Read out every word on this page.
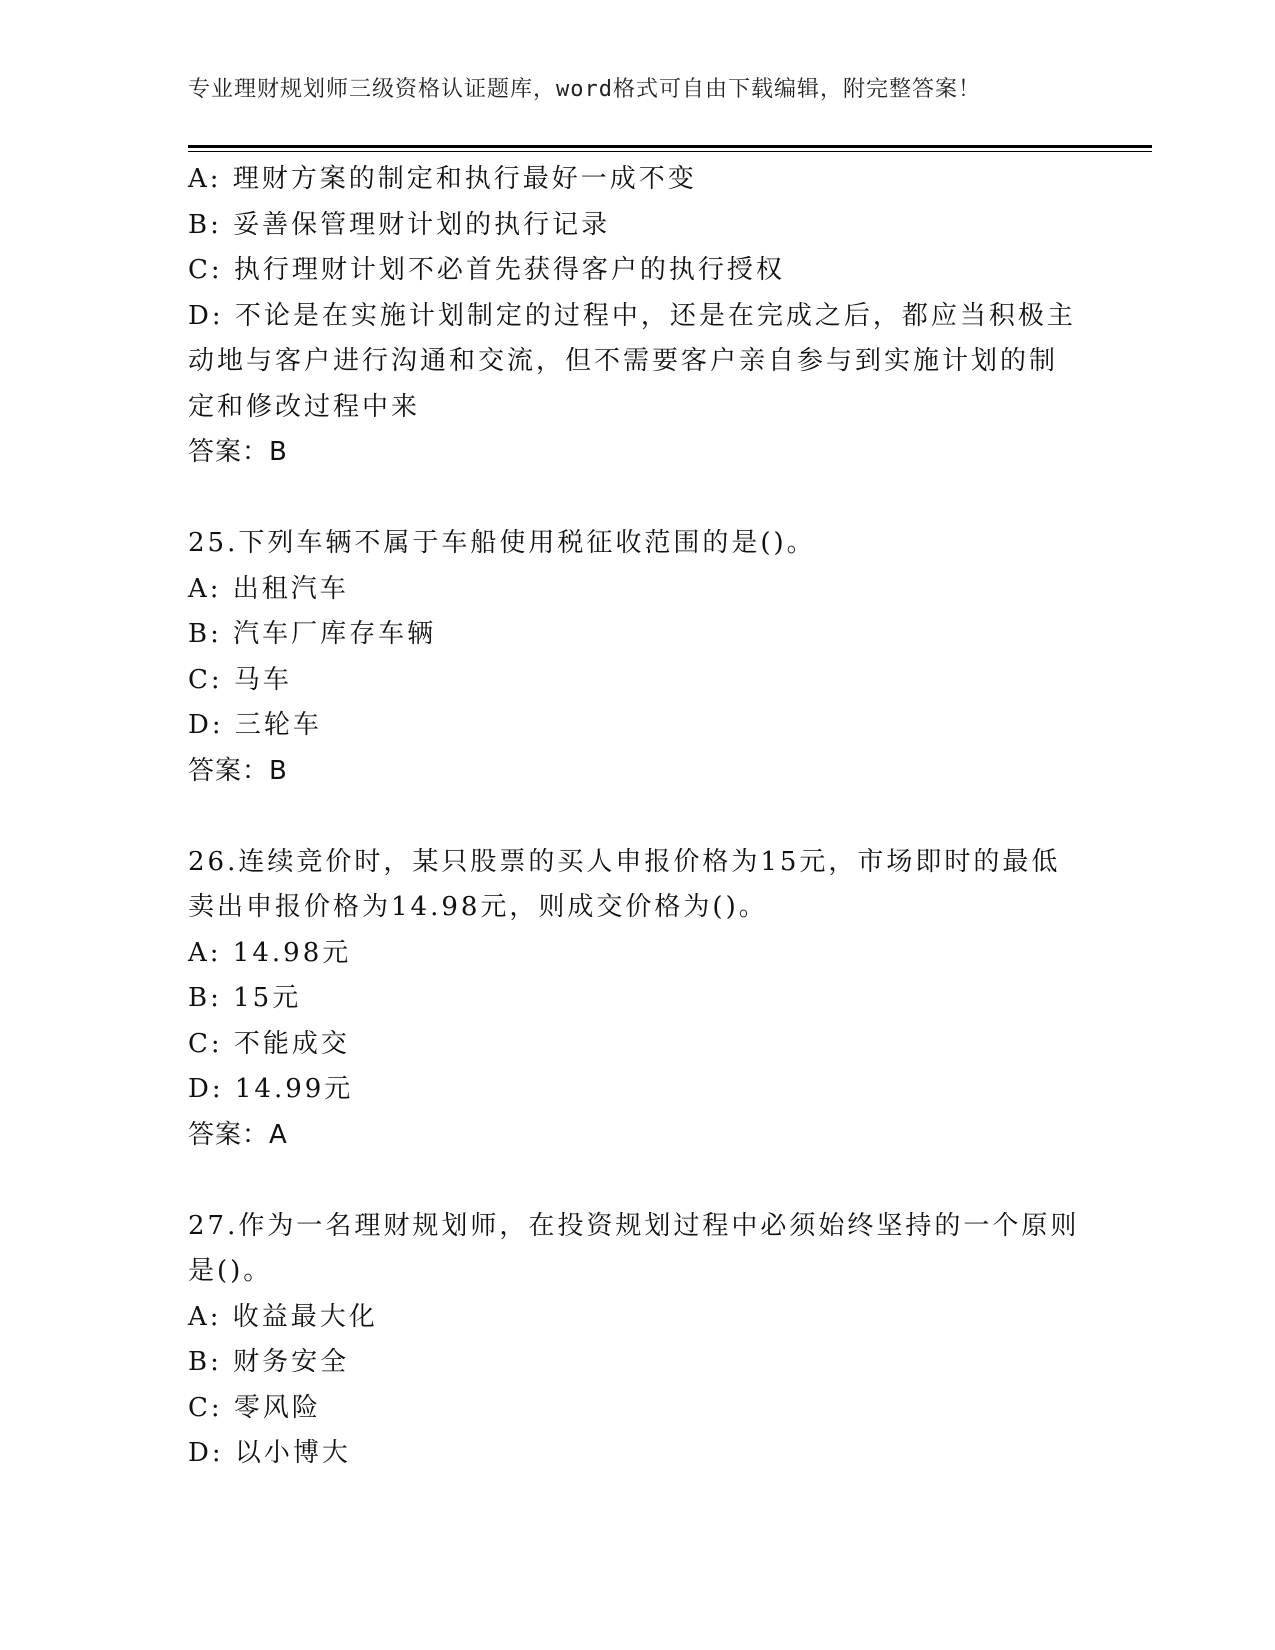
专业理财规划师三级资格认证题库，word格式可自由下载编辑，附完整答案！
A: 理财方案的制定和执行最好一成不变
B: 妥善保管理财计划的执行记录
C: 执行理财计划不必首先获得客户的执行授权
D: 不论是在实施计划制定的过程中，还是在完成之后，都应当积极主
动地与客户进行沟通和交流，但不需要客户亲自参与到实施计划的制
定和修改过程中来
答案：B
25.下列车辆不属于车船使用税征收范围的是()。
A: 出租汽车
B: 汽车厂库存车辆
C: 马车
D: 三轮车
答案：B
26.连续竞价时，某只股票的买人申报价格为15元，市场即时的最低
卖出申报价格为14.98元，则成交价格为()。
A: 14.98元
B: 15元
C: 不能成交
D: 14.99元
答案：A
27.作为一名理财规划师，在投资规划过程中必须始终坚持的一个原则
是()。
A: 收益最大化
B: 财务安全
C: 零风险
D: 以小博大
